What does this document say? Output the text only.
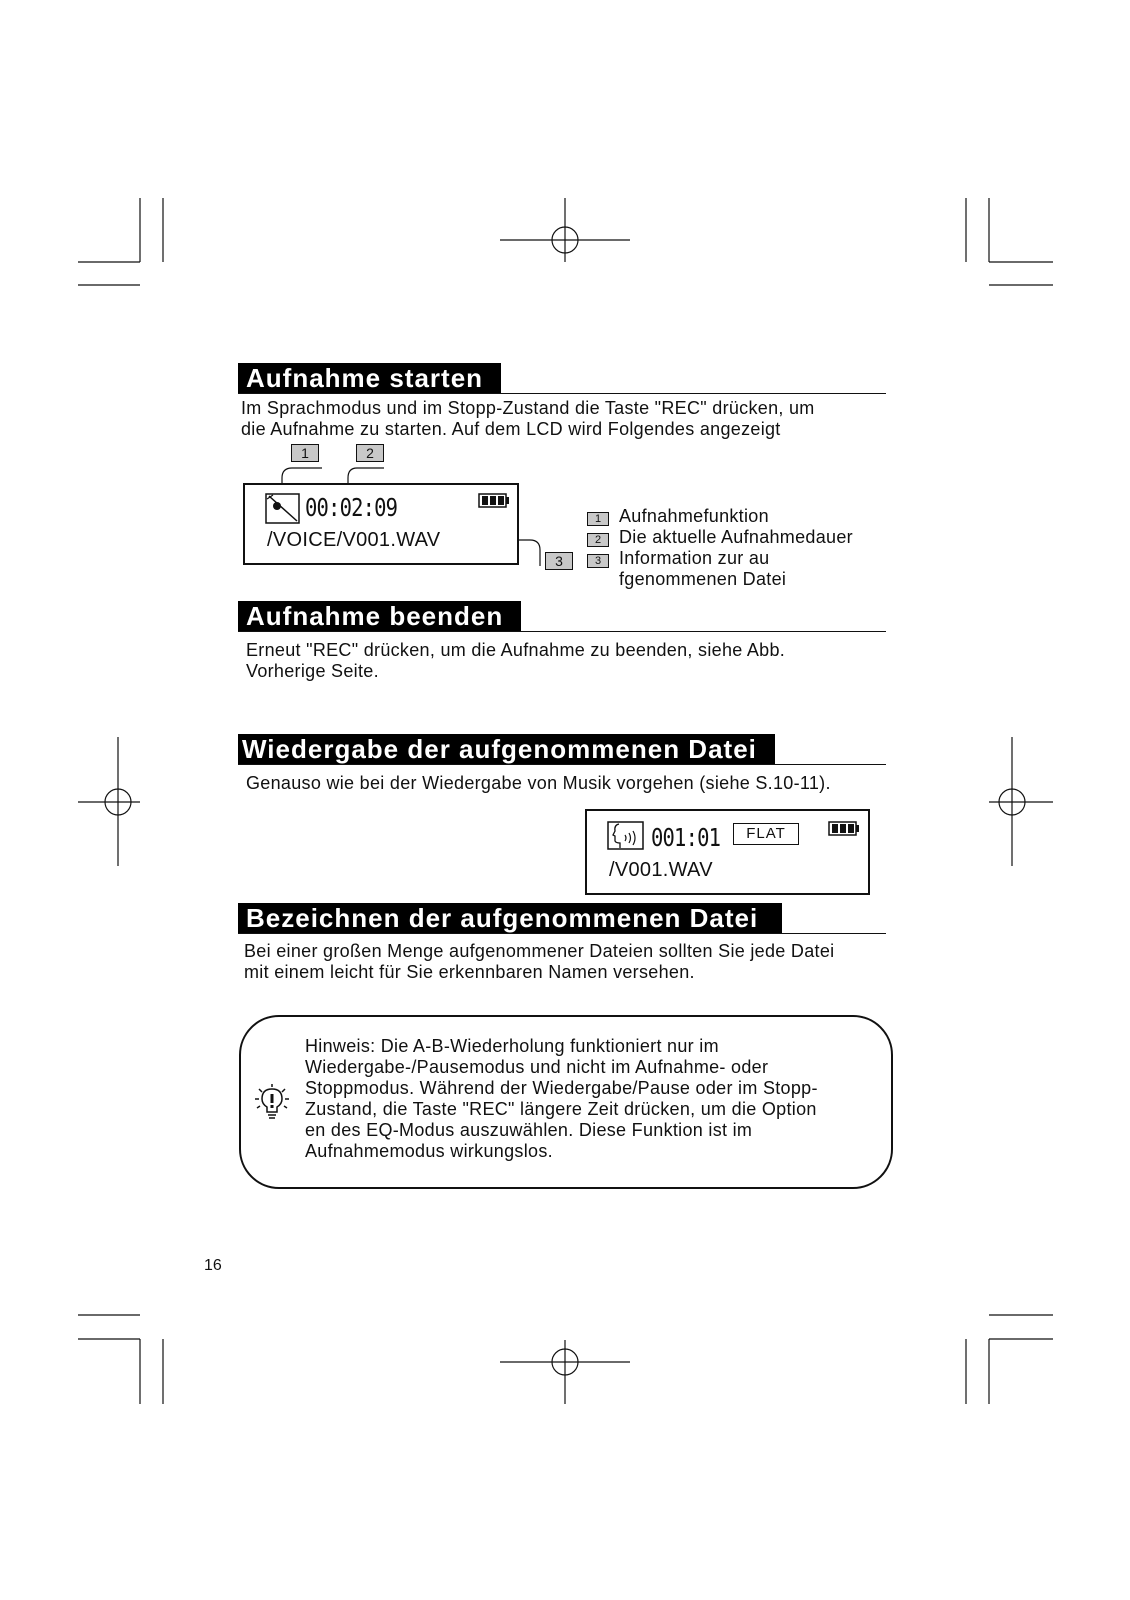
Aufnahme starten
Im Sprachmodus und im Stopp-Zustand die Taste "REC" drücken, um
die Aufnahme zu starten. Auf dem LCD wird Folgendes angezeigt
1	2
00:02:09
/VOICE/V001.WAV
3
1 Aufnahmefunktion
2 Die aktuelle Aufnahmedauer
3 Information zur au
fgenommenen Datei
Aufnahme beenden
Erneut "REC" drücken, um die Aufnahme zu beenden, siehe Abb.
Vorherige Seite.
Wiedergabe der aufgenommenen Datei
Genauso wie bei der Wiedergabe von Musik vorgehen (siehe S.10-11).
001:01	FLAT
/V001.WAV
Bezeichnen der aufgenommenen Datei
Bei einer großen Menge aufgenommener Dateien sollten Sie jede Datei
mit einem leicht für Sie erkennbaren Namen versehen.
Hinweis: Die A-B-Wiederholung funktioniert nur im
Wiedergabe-/Pausemodus und nicht im Aufnahme- oder
Stoppmodus. Während der Wiedergabe/Pause oder im Stopp-
Zustand, die Taste "REC" längere Zeit drücken, um die Option
en des EQ-Modus auszuwählen. Diese Funktion ist im
Aufnahmemodus wirkungslos.
16
